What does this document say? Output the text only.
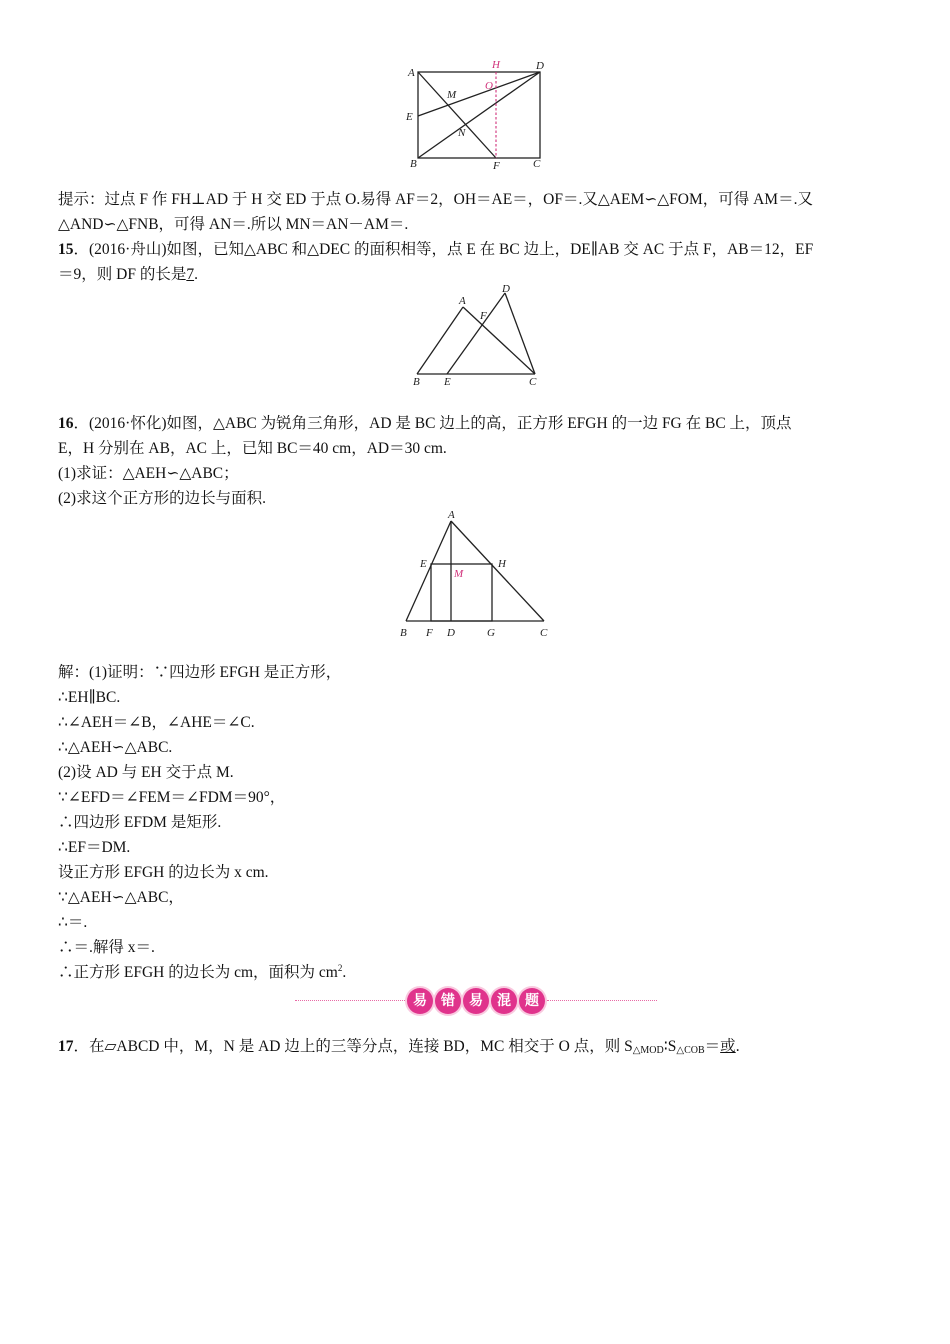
A
D
H
O
M
E
N
B	F	C
提示：过点 F 作 FH⊥AD 于 H 交 ED 于点 O.易得 AF＝2，OH＝AE＝，OF＝.又△AEM∽△FOM，可得 AM＝.又
△AND∽△FNB，可得 AN＝.所以 MN＝AN－AM＝.
15．(2016·舟山)如图，已知△ABC 和△DEC 的面积相等，点 E 在 BC 边上，DE∥AB 交 AC 于点 F，AB＝12，EF
＝9，则 DF 的长是7.
A
D
F
B E	C
16．(2016·怀化)如图，△ABC 为锐角三角形，AD 是 BC 边上的高，正方形 EFGH 的一边 FG 在 BC 上，顶点
E，H 分别在 AB，AC 上，已知 BC＝40 cm，AD＝30 cm.
(1)求证：△AEH∽△ABC；
(2)求这个正方形的边长与面积.
A
E	H
M
B F D	G	C
解：(1)证明：∵四边形 EFGH 是正方形，
∴EH∥BC.
∴∠AEH＝∠B，∠AHE＝∠C.
∴△AEH∽△ABC.
(2)设 AD 与 EH 交于点 M.
∵∠EFD＝∠FEM＝∠FDM＝90°，
∴四边形 EFDM 是矩形.
∴EF＝DM.
设正方形 EFGH 的边长为 x cm.
∵△AEH∽△ABC，
∴＝.
∴＝.解得 x＝.
∴正方形 EFGH 的边长为 cm，面积为 $cm^2$.
易	错	易	混	题
17．在▱ABCD 中，M，N 是 AD 边上的三等分点，连接 BD，MC 相交于 O 点，则 $S_{\triangle MOD}∶S_{\triangle COB}=$或.
